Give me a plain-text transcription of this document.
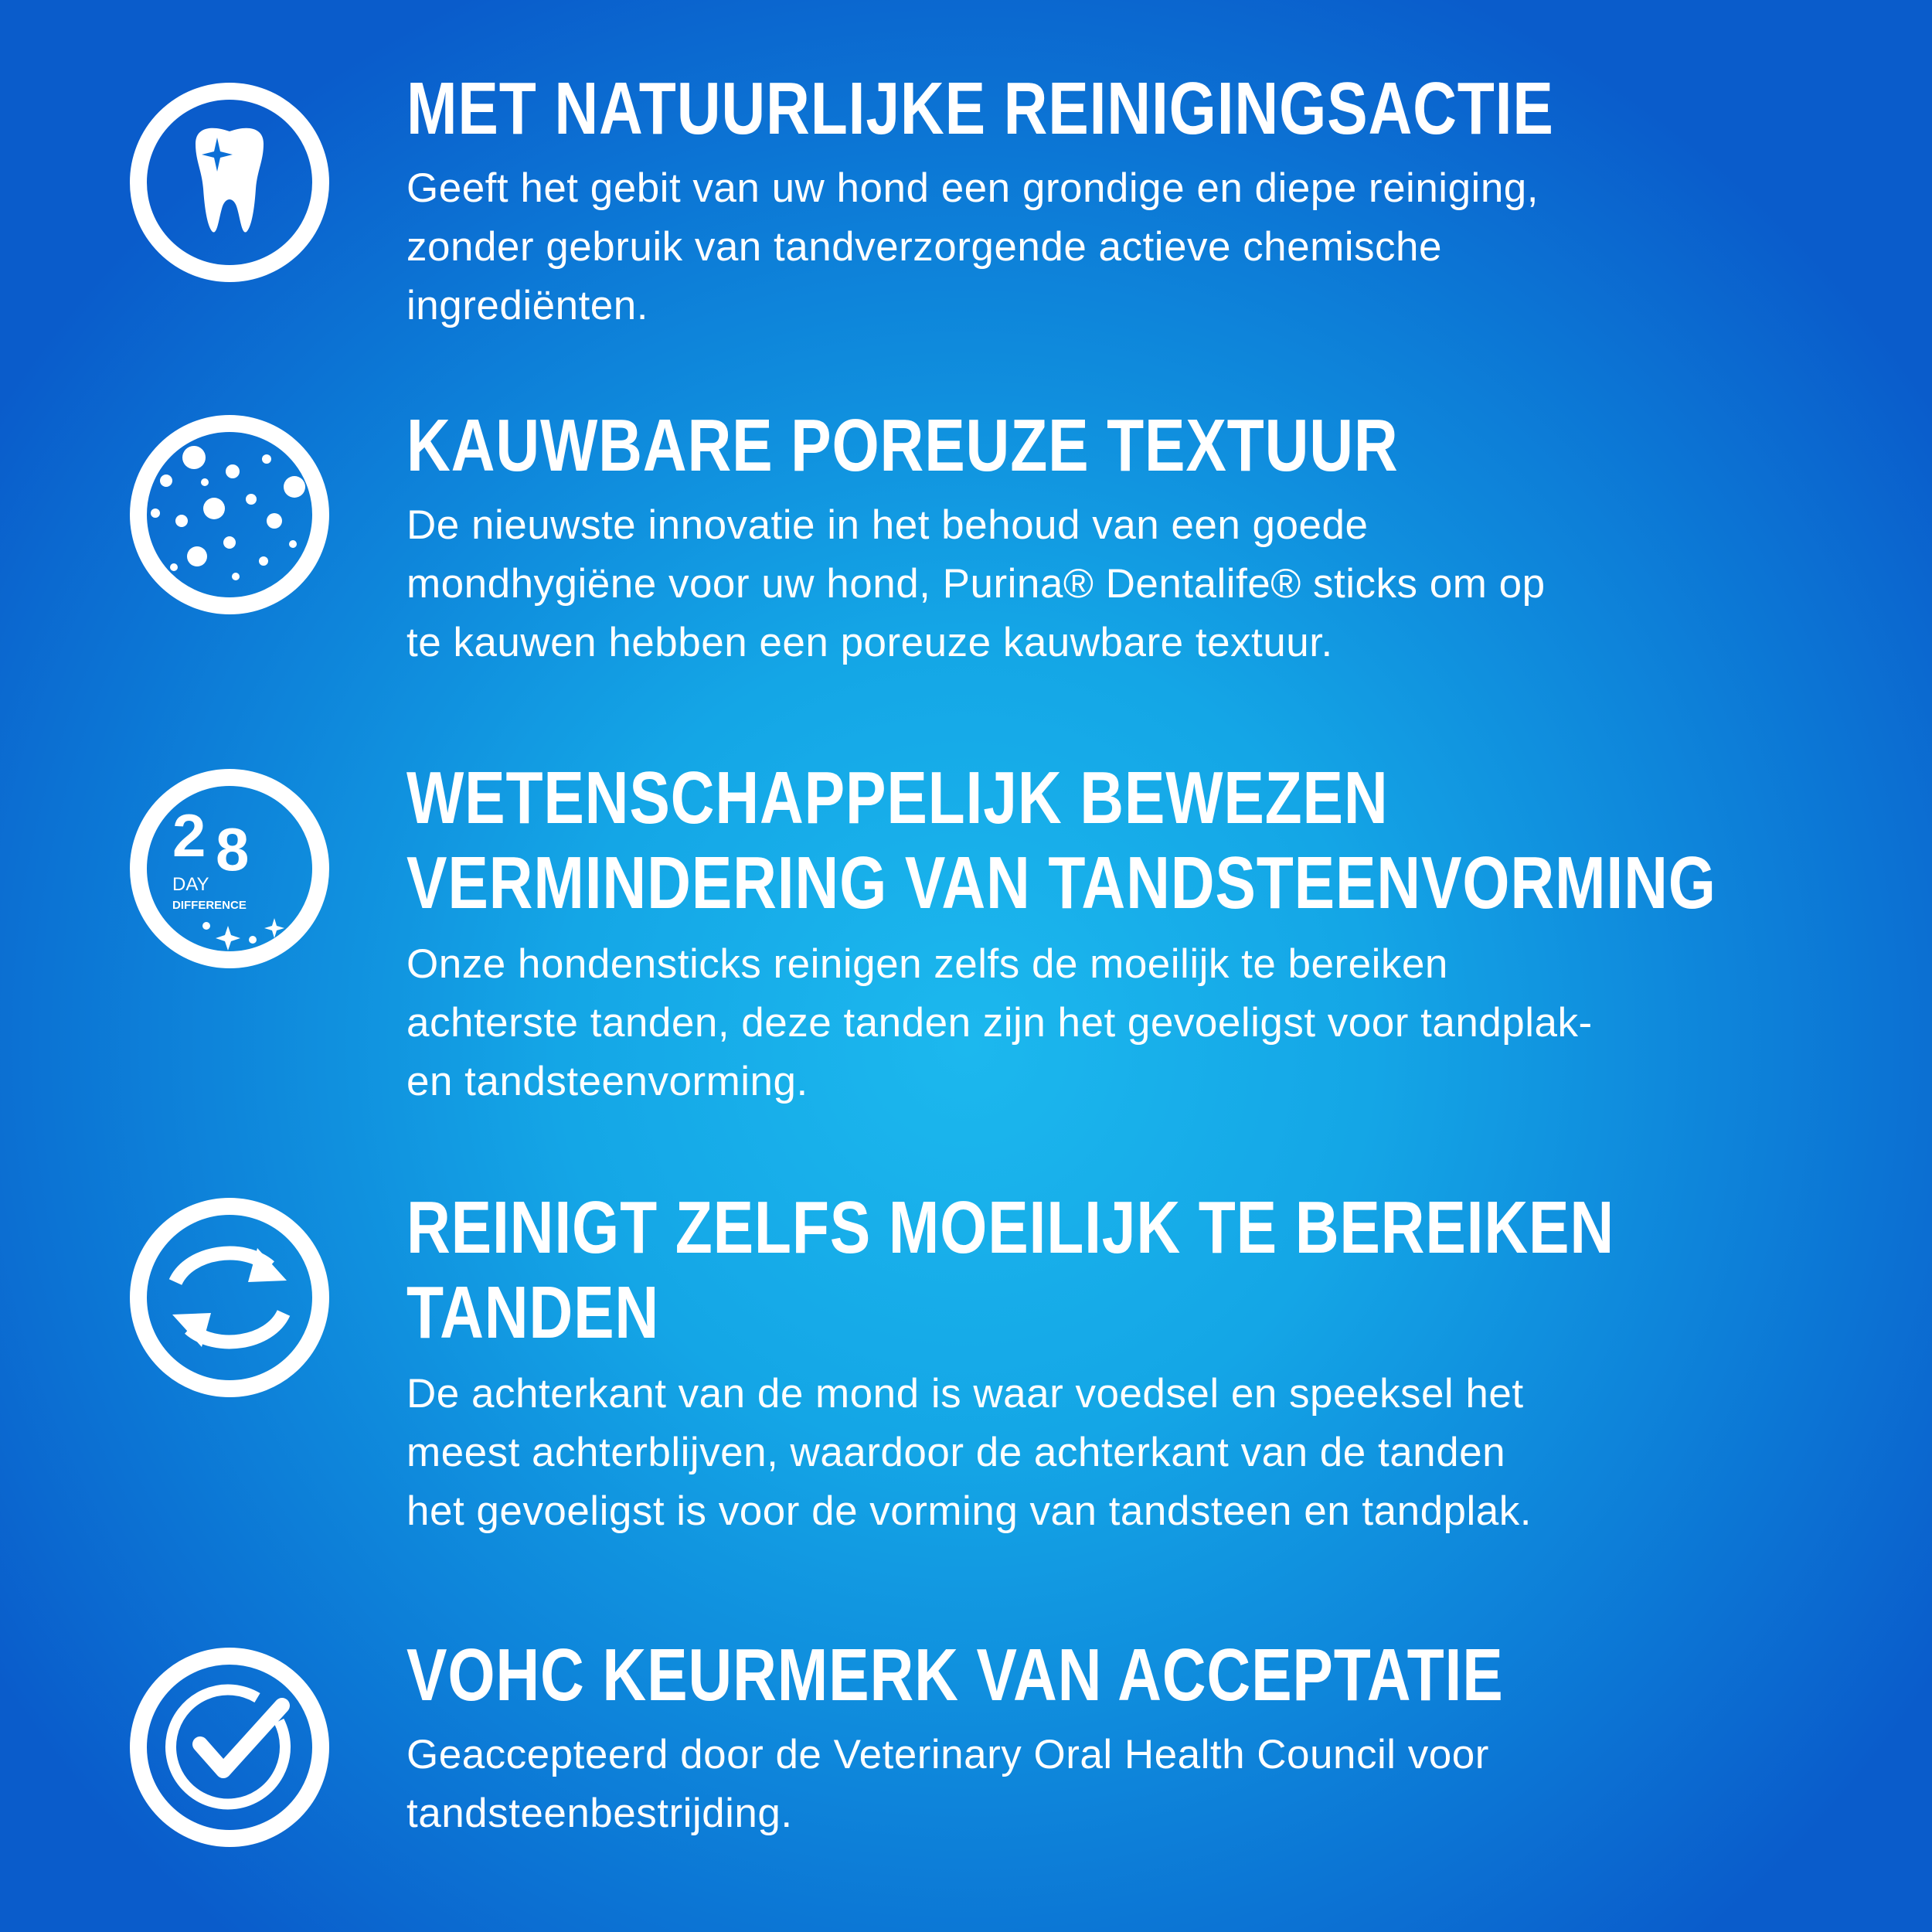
2 8
DAY
DIFFERENCE
MET NATUURLIJKE REINIGINGSACTIE
Geeft het gebit van uw hond een grondige en diepe reiniging,
zonder gebruik van tandverzorgende actieve chemische
ingrediënten.
KAUWBARE POREUZE TEXTUUR
De nieuwste innovatie in het behoud van een goede
mondhygiëne voor uw hond, Purina® Dentalife® sticks om op
te kauwen hebben een poreuze kauwbare textuur.
WETENSCHAPPELIJK BEWEZEN
VERMINDERING VAN TANDSTEENVORMING
Onze hondensticks reinigen zelfs de moeilijk te bereiken
achterste tanden, deze tanden zijn het gevoeligst voor tandplak-
en tandsteenvorming.
REINIGT ZELFS MOEILIJK TE BEREIKEN
TANDEN
De achterkant van de mond is waar voedsel en speeksel het
meest achterblijven, waardoor de achterkant van de tanden
het gevoeligst is voor de vorming van tandsteen en tandplak.
VOHC KEURMERK VAN ACCEPTATIE
Geaccepteerd door de Veterinary Oral Health Council voor
tandsteenbestrijding.
